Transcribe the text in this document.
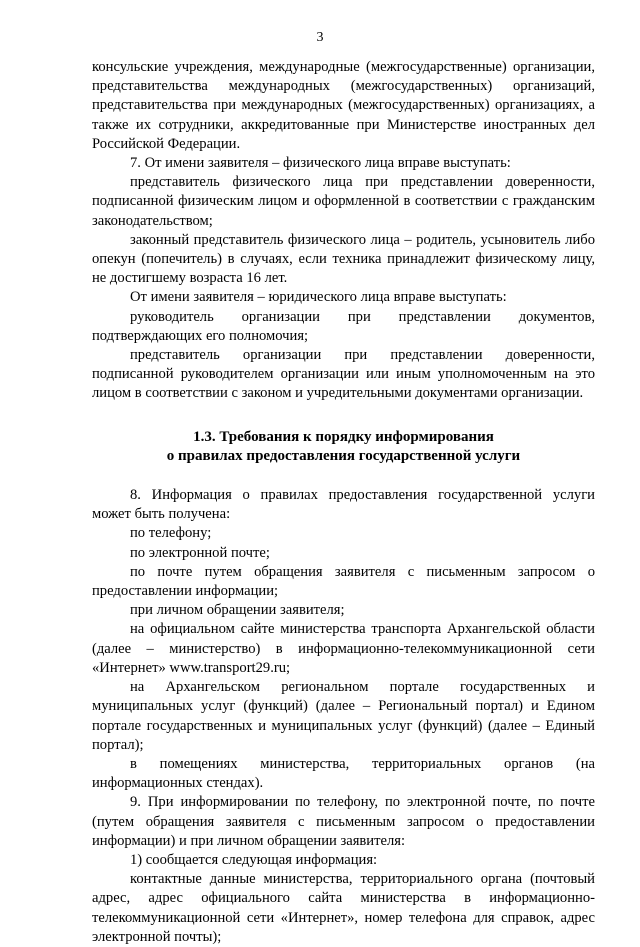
3

консульские учреждения, международные (межгосударственные) организации, представительства международных (межгосударственных) организаций, представительства при международных (межгосударственных) организациях, а также их сотрудники, аккредитованные при Министерстве иностранных дел Российской Федерации.

7. От имени заявителя – физического лица вправе выступать:

представитель физического лица при представлении доверенности, подписанной физическим лицом и оформленной в соответствии с гражданским законодательством;

законный представитель физического лица – родитель, усыновитель либо опекун (попечитель) в случаях, если техника принадлежит физическому лицу, не достигшему возраста 16 лет.

От имени заявителя – юридического лица вправе выступать:

руководитель организации при представлении документов, подтверждающих его полномочия;

представитель организации при представлении доверенности, подписанной руководителем организации или иным уполномоченным на это лицом в соответствии с законом и учредительными документами организации.

1.3. Требования к порядку информирования

о правилах предоставления государственной услуги

8. Информация о правилах предоставления государственной услуги может быть получена:

по телефону;

по электронной почте;

по почте путем обращения заявителя с письменным запросом о предоставлении информации;

при личном обращении заявителя;

на официальном сайте министерства транспорта Архангельской области (далее – министерство) в информационно-телекоммуникационной сети «Интернет» www.transport29.ru;

на Архангельском региональном портале государственных и муниципальных услуг (функций) (далее – Региональный портал) и Едином портале государственных и муниципальных услуг (функций) (далее – Единый портал);

в помещениях министерства, территориальных органов (на информационных стендах).

9. При информировании по телефону, по электронной почте, по почте (путем обращения заявителя с письменным запросом о предоставлении информации) и при личном обращении заявителя:

1) сообщается следующая информация:

контактные данные министерства, территориального органа (почтовый адрес, адрес официального сайта министерства в информационно-телекоммуникационной сети «Интернет», номер телефона для справок, адрес электронной почты);
